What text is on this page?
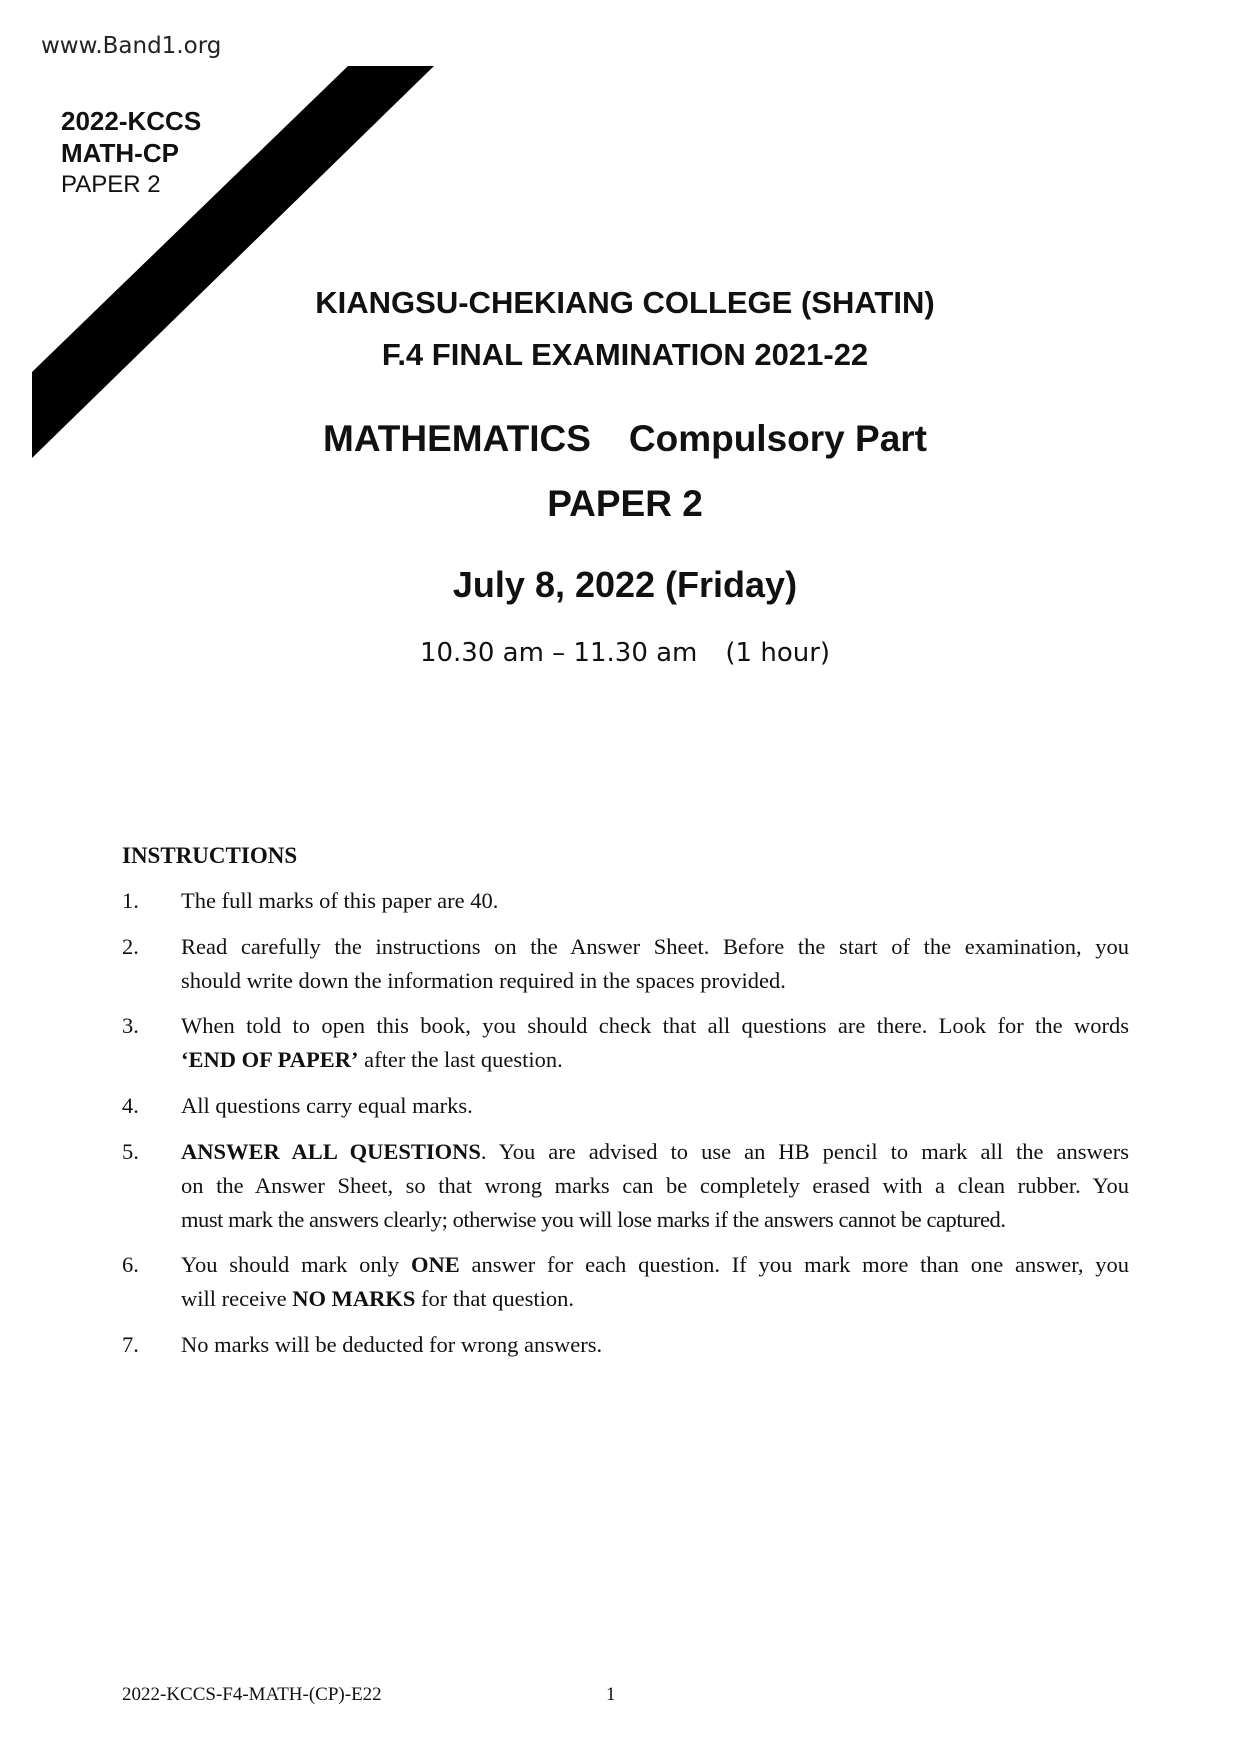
www.Band1.org
2022-KCCS
MATH-CP
PAPER 2
KIANGSU-CHEKIANG COLLEGE (SHATIN)
F.4 FINAL EXAMINATION 2021-22
MATHEMATICS Compulsory Part
PAPER 2
July 8, 2022 (Friday)
10.30 am – 11.30 am (1 hour)
INSTRUCTIONS
1. The full marks of this paper are 40.
2. Read carefully the instructions on the Answer Sheet. Before the start of the examination, you
should write down the information required in the spaces provided.
3. When told to open this book, you should check that all questions are there. Look for the words
‘END OF PAPER’ after the last question.
4. All questions carry equal marks.
5. ANSWER ALL QUESTIONS. You are advised to use an HB pencil to mark all the answers
on the Answer Sheet, so that wrong marks can be completely erased with a clean rubber. You
must mark the answers clearly; otherwise you will lose marks if the answers cannot be captured.
6. You should mark only ONE answer for each question. If you mark more than one answer, you
will receive NO MARKS for that question.
7. No marks will be deducted for wrong answers.
2022-KCCS-F4-MATH-(CP)-E22	1
